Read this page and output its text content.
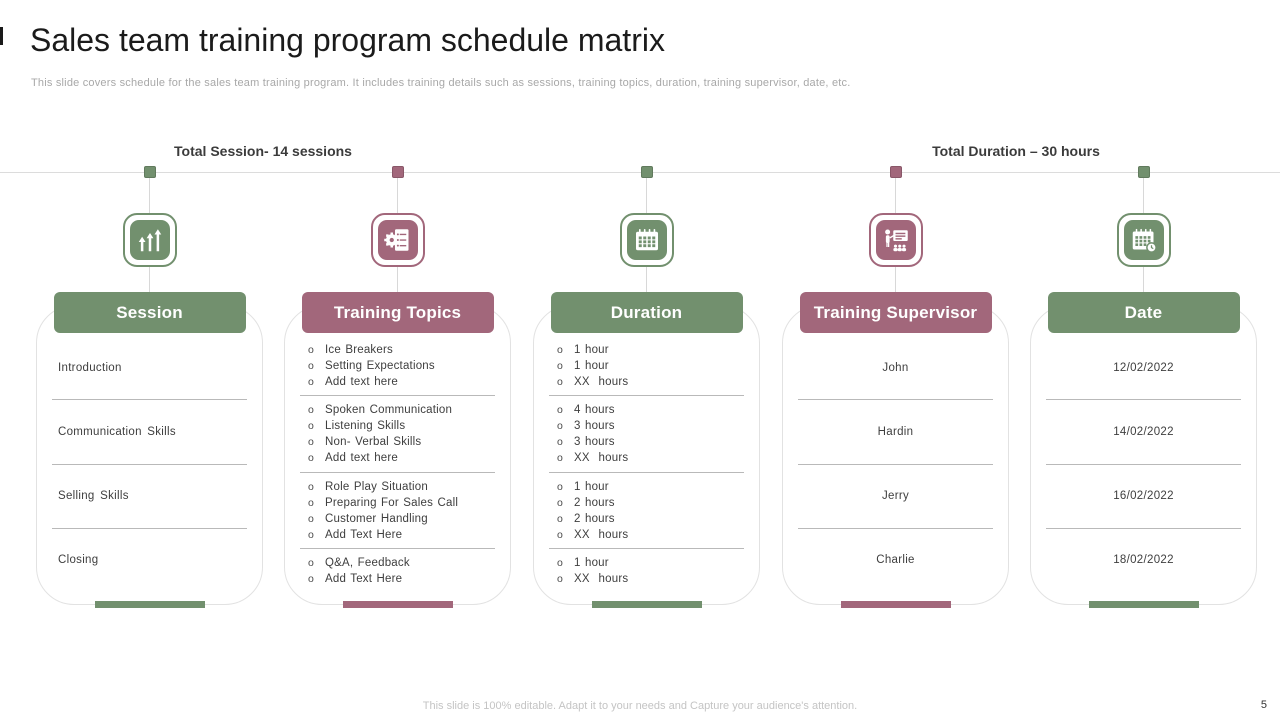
Sales team training program schedule matrix

This slide covers schedule for the sales team training program. It includes training details such as sessions, training topics, duration, training supervisor, date, etc.

Total Session- 14 sessions	Total Duration – 30 hours
Session
Introduction
Communication Skills
Selling Skills
Closing
Training Topics
o Ice Breakers
o Setting Expectations
o Add text here
o Spoken Communication
o Listening Skills
o Non- Verbal Skills
o Add text here
o Role Play Situation
o Preparing For Sales Call
o Customer Handling
o Add Text Here
o Q&A, Feedback
o Add Text Here
Duration
o 1 hour
o 1 hour
o XX  hours
o 4 hours
o 3 hours
o 3 hours
o XX  hours
o 1 hour
o 2 hours
o 2 hours
o XX  hours
o 1 hour
o XX  hours
Training Supervisor
John
Hardin
Jerry
Charlie
Date
12/02/2022
14/02/2022
16/02/2022
18/02/2022
This slide is 100% editable. Adapt it to your needs and Capture your audience's attention.	5
